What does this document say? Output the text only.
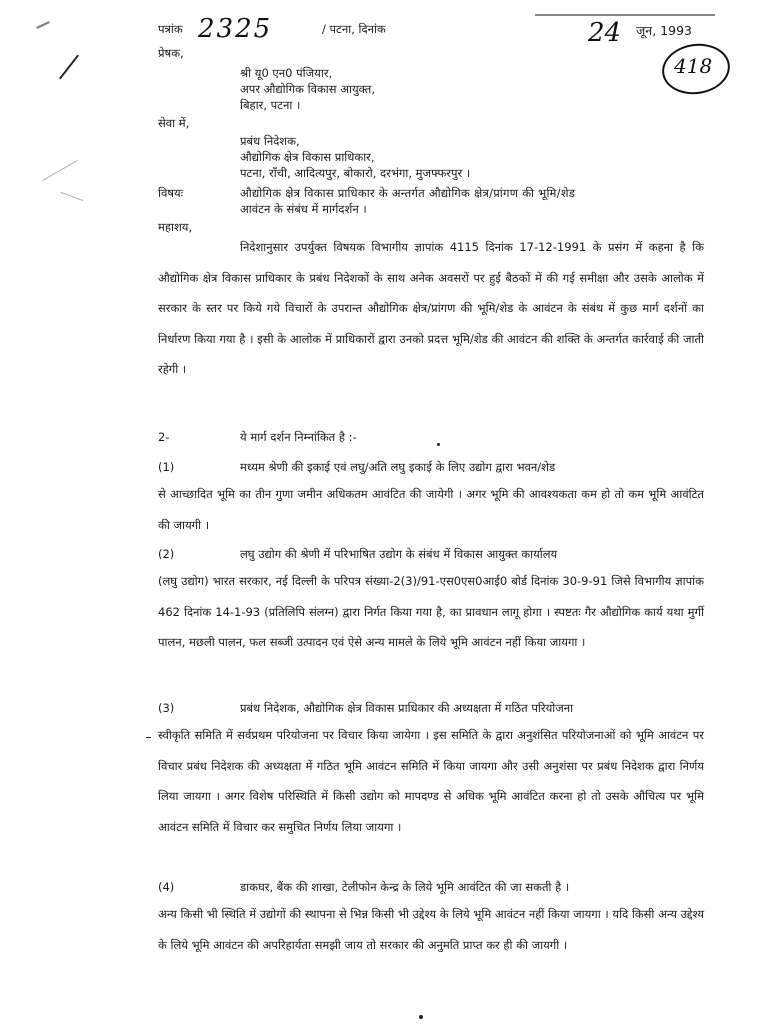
पत्रांक 2325	/ पटना, दिनांक	24 जून, 1993
418
प्रेषक,
श्री यू0 एन0 पंजियार,
अपर औद्योगिक विकास आयुक्त,
बिहार, पटना ।
सेवा में,
प्रबंध निदेशक,
औद्योगिक क्षेत्र विकास प्राधिकार,
पटना, राँची, आदित्यपुर, बोकारो, दरभंगा, मुजफ्फरपुर ।
विषयः	औद्योगिक क्षेत्र विकास प्राधिकार के अन्तर्गत औद्योगिक क्षेत्र/प्रांगण की भूमि/शेड
आवंटन के संबंध में मार्गदर्शन ।
महाशय,
निदेशानुसार उपर्युक्त विषयक विभागीय ज्ञापांक 4115 दिनांक 17-12-1991 के प्रसंग में कहना है कि औद्योगिक क्षेत्र विकास प्राधिकार के प्रबंध निदेशकों के साथ अनेक अवसरों पर हुई बैठकों में की गई समीक्षा और उसके आलोक में सरकार के स्तर पर किये गये विचारों के उपरान्त औद्योगिक क्षेत्र/प्रांगण की भूमि/शेड के आवंटन के संबंध में कुछ मार्ग दर्शनों का निर्धारण किया गया है । इसी के आलोक में प्राधिकारों द्वारा उनको प्रदत्त भूमि/शेड की आवंटन की शक्ति के अन्तर्गत कार्रवाई की जाती रहेगी ।
2-	ये मार्ग दर्शन निम्नांकित है :-
(1)	मध्यम श्रेणी की इकाई एवं लघु/अति लघु इकाई के लिए उद्योग द्वारा भवन/शेड
से आच्छादित भूमि का तीन गुणा जमीन अधिकतम आवंटित की जायेगी । अगर भूमि की आवश्यकता कम हो तो कम भूमि आवंटित की जायगी ।
(2)	लघु उद्योग की श्रेणी में परिभाषित उद्योग के संबंध में विकास आयुक्त कार्यालय
(लघु उद्योग) भारत सरकार, नई दिल्ली के परिपत्र संख्या-2(3)/91-एस0एस0आई0 बोर्ड दिनांक 30-9-91 जिसे विभागीय ज्ञापांक 462 दिनांक 14-1-93 (प्रतिलिपि संलग्न) द्वारा निर्गत किया गया है, का प्रावधान लागू होगा । स्पष्टतः गैर औद्योगिक कार्य यथा मुर्गी पालन, मछली पालन, फल सब्जी उत्पादन एवं ऐसे अन्य मामले के लिये भूमि आवंटन नहीं किया जायगा ।
(3)	प्रबंध निदेशक, औद्योगिक क्षेत्र विकास प्राधिकार की अध्यक्षता में गठित परियोजना
स्वीकृति समिति में सर्वप्रथम परियोजना पर विचार किया जायेगा । इस समिति के द्वारा अनुशंसित परियोजनाओं को भूमि आवंटन पर विचार प्रबंध निदेशक की अध्यक्षता में गठित भूमि आवंटन समिति में किया जायगा और उसी अनुशंसा पर प्रबंध निदेशक द्वारा निर्णय लिया जायगा । अगर विशेष परिस्थिति में किसी उद्योग को मापदण्ड से अधिक भूमि आवंटित करना हो तो उसके औचित्य पर भूमि आवंटन समिति में विचार कर समुचित निर्णय लिया जायगा ।
(4)	डाकघर, बैंक की शाखा, टेलीफोन केन्द्र के लिये भूमि आवंटित की जा सकती है ।
अन्य किसी भी स्थिति में उद्योगों की स्थापना से भिन्न किसी भी उद्देश्य के लिये भूमि आवंटन नहीं किया जायगा । यदि किसी अन्य उद्देश्य के लिये भूमि आवंटन की अपरिहार्यता समझी जाय तो सरकार की अनुमति प्राप्त कर ही की जायगी ।
